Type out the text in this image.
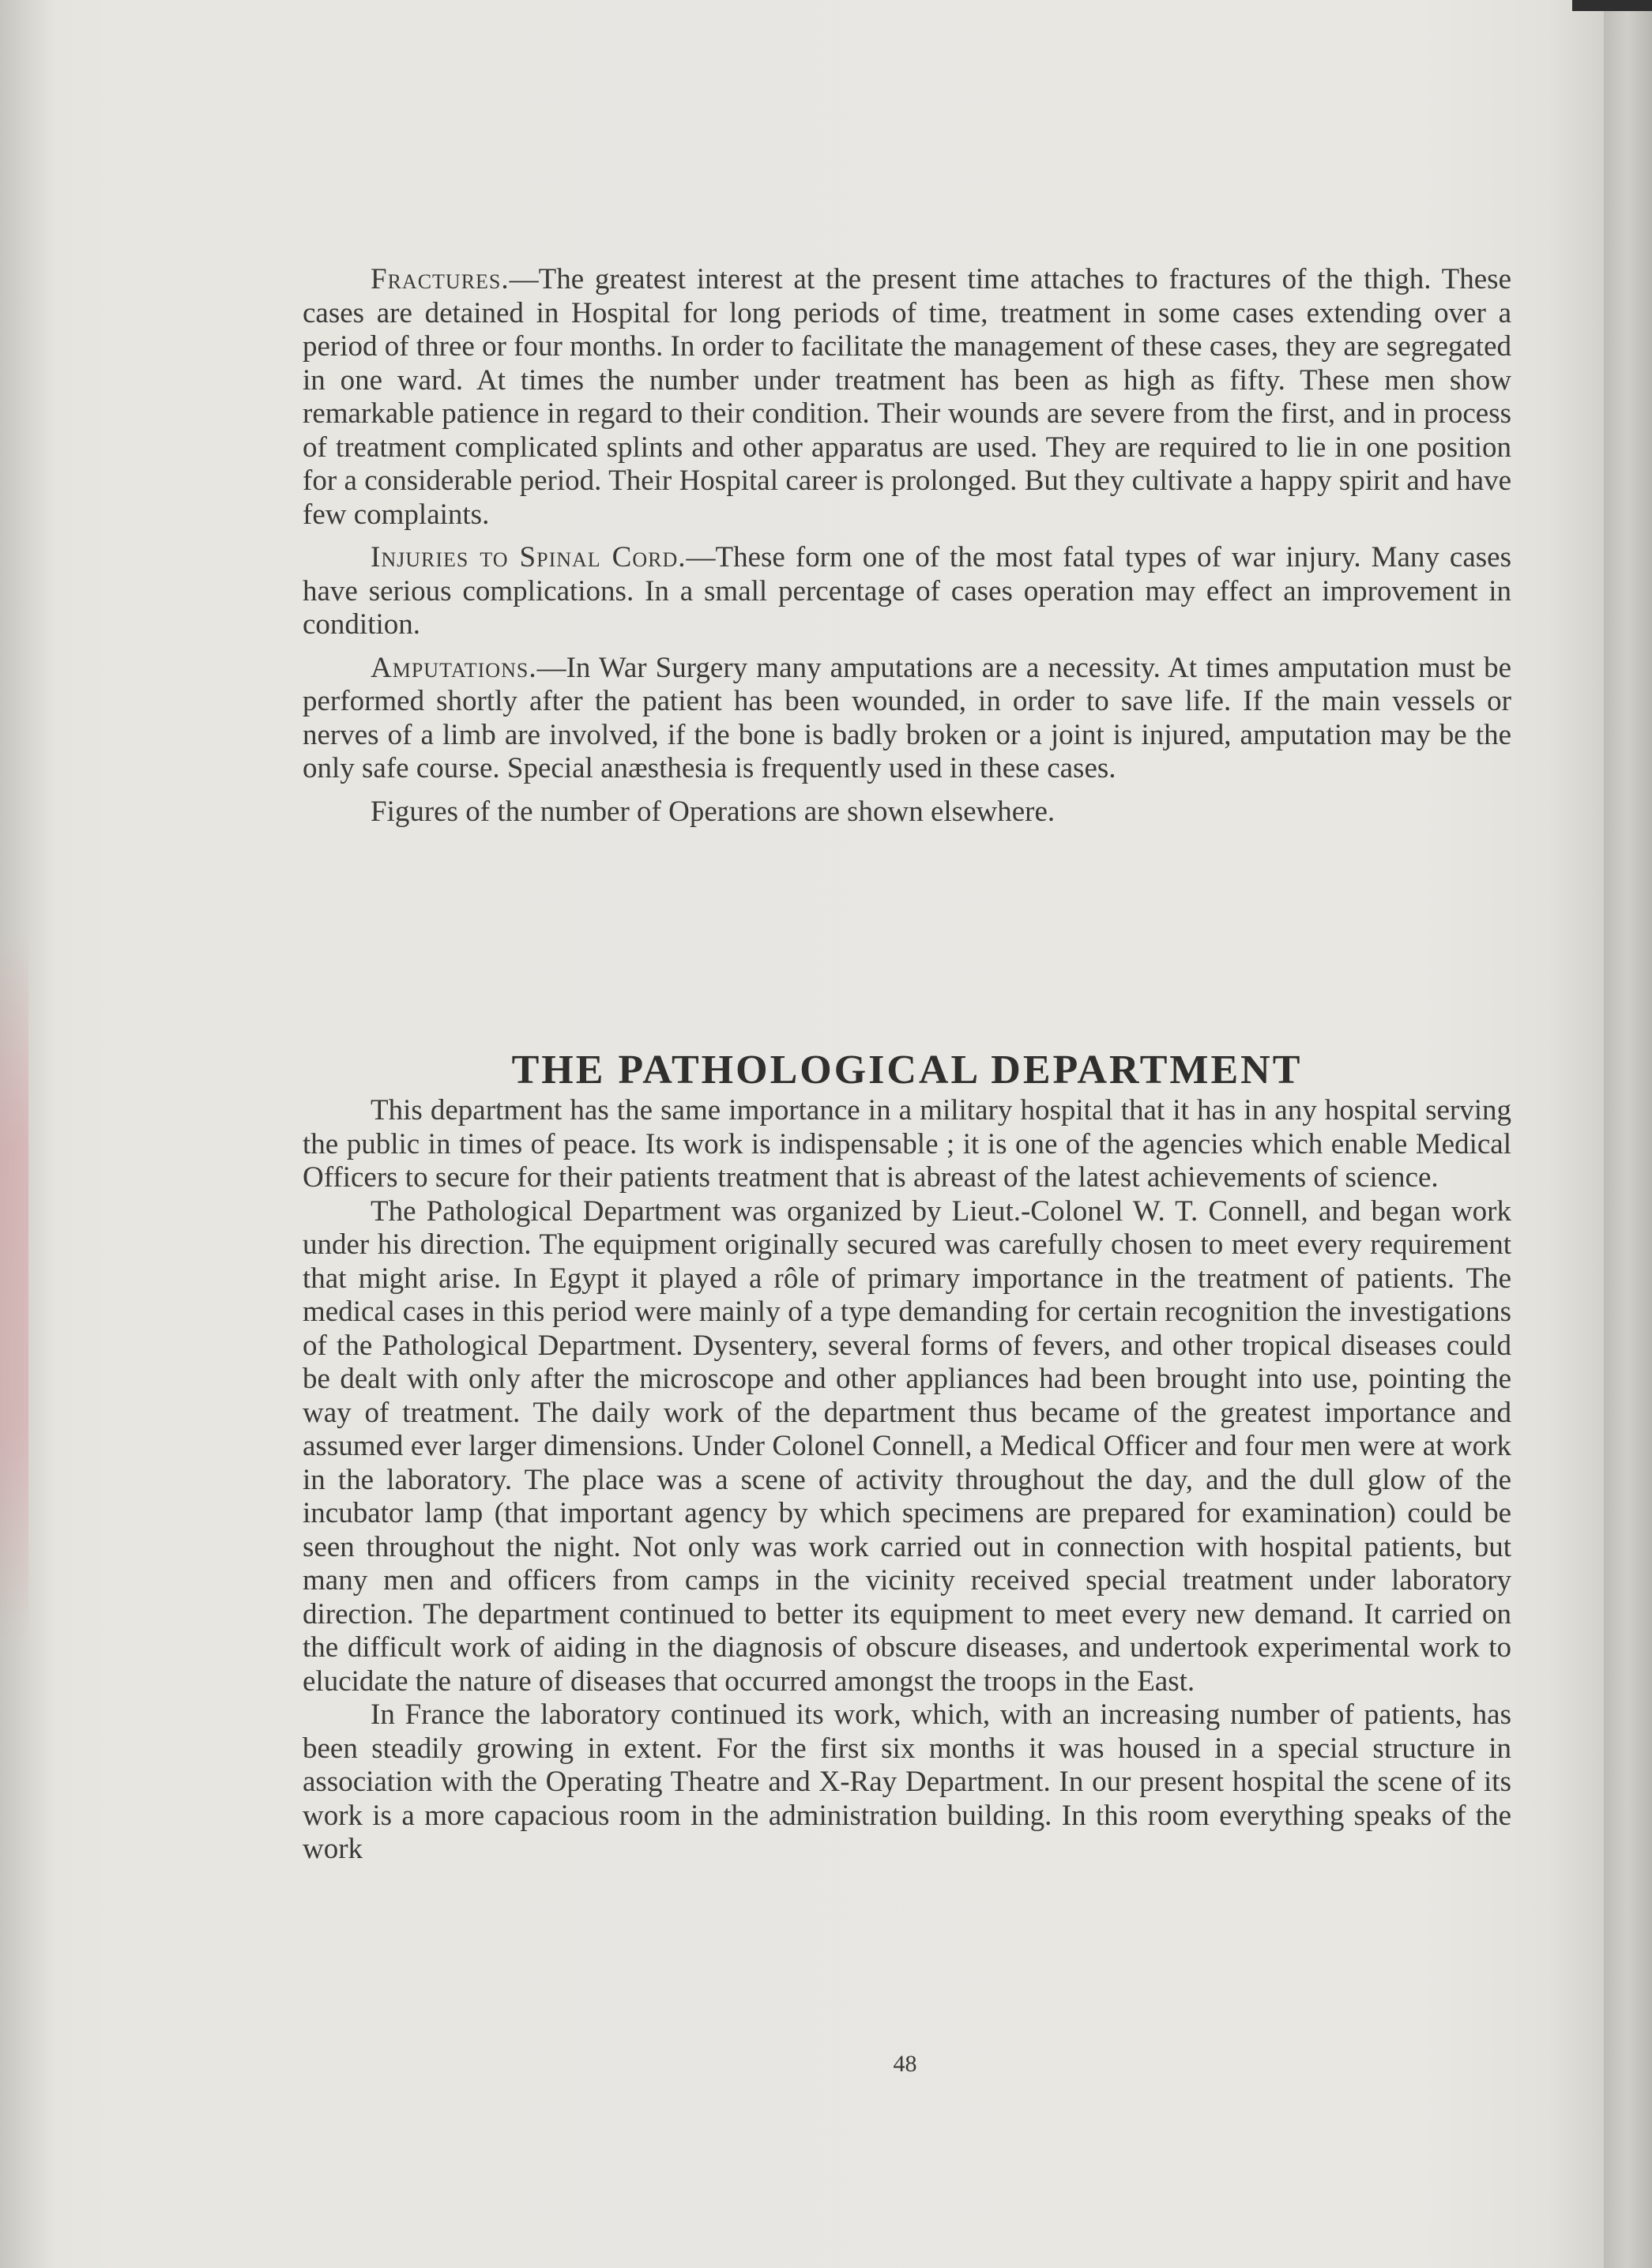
Fractures.—The greatest interest at the present time attaches to fractures of the thigh. These cases are detained in Hospital for long periods of time, treatment in some cases extending over a period of three or four months. In order to facilitate the management of these cases, they are segregated in one ward. At times the number under treatment has been as high as fifty. These men show remarkable patience in regard to their condition. Their wounds are severe from the first, and in process of treatment complicated splints and other apparatus are used. They are required to lie in one position for a considerable period. Their Hospital career is prolonged. But they cultivate a happy spirit and have few complaints.

Injuries to Spinal Cord.—These form one of the most fatal types of war injury. Many cases have serious complications. In a small percentage of cases operation may effect an improvement in condition.

Amputations.—In War Surgery many amputations are a necessity. At times amputation must be performed shortly after the patient has been wounded, in order to save life. If the main vessels or nerves of a limb are involved, if the bone is badly broken or a joint is injured, amputation may be the only safe course. Special anæsthesia is frequently used in these cases.

Figures of the number of Operations are shown elsewhere.

THE PATHOLOGICAL DEPARTMENT

This department has the same importance in a military hospital that it has in any hospital serving the public in times of peace. Its work is indispensable ; it is one of the agencies which enable Medical Officers to secure for their patients treatment that is abreast of the latest achievements of science.

The Pathological Department was organized by Lieut.-Colonel W. T. Connell, and began work under his direction. The equipment originally secured was carefully chosen to meet every requirement that might arise. In Egypt it played a rôle of primary importance in the treatment of patients. The medical cases in this period were mainly of a type demanding for certain recognition the investigations of the Pathological Department. Dysentery, several forms of fevers, and other tropical diseases could be dealt with only after the microscope and other appliances had been brought into use, pointing the way of treatment. The daily work of the department thus became of the greatest importance and assumed ever larger dimensions. Under Colonel Connell, a Medical Officer and four men were at work in the laboratory. The place was a scene of activity throughout the day, and the dull glow of the incubator lamp (that important agency by which specimens are prepared for examination) could be seen throughout the night. Not only was work carried out in connection with hospital patients, but many men and officers from camps in the vicinity received special treatment under laboratory direction. The department continued to better its equipment to meet every new demand. It carried on the difficult work of aiding in the diagnosis of obscure diseases, and undertook experimental work to elucidate the nature of diseases that occurred amongst the troops in the East.

In France the laboratory continued its work, which, with an increasing number of patients, has been steadily growing in extent. For the first six months it was housed in a special structure in association with the Operating Theatre and X-Ray Department. In our present hospital the scene of its work is a more capacious room in the administration building. In this room everything speaks of the work

48
